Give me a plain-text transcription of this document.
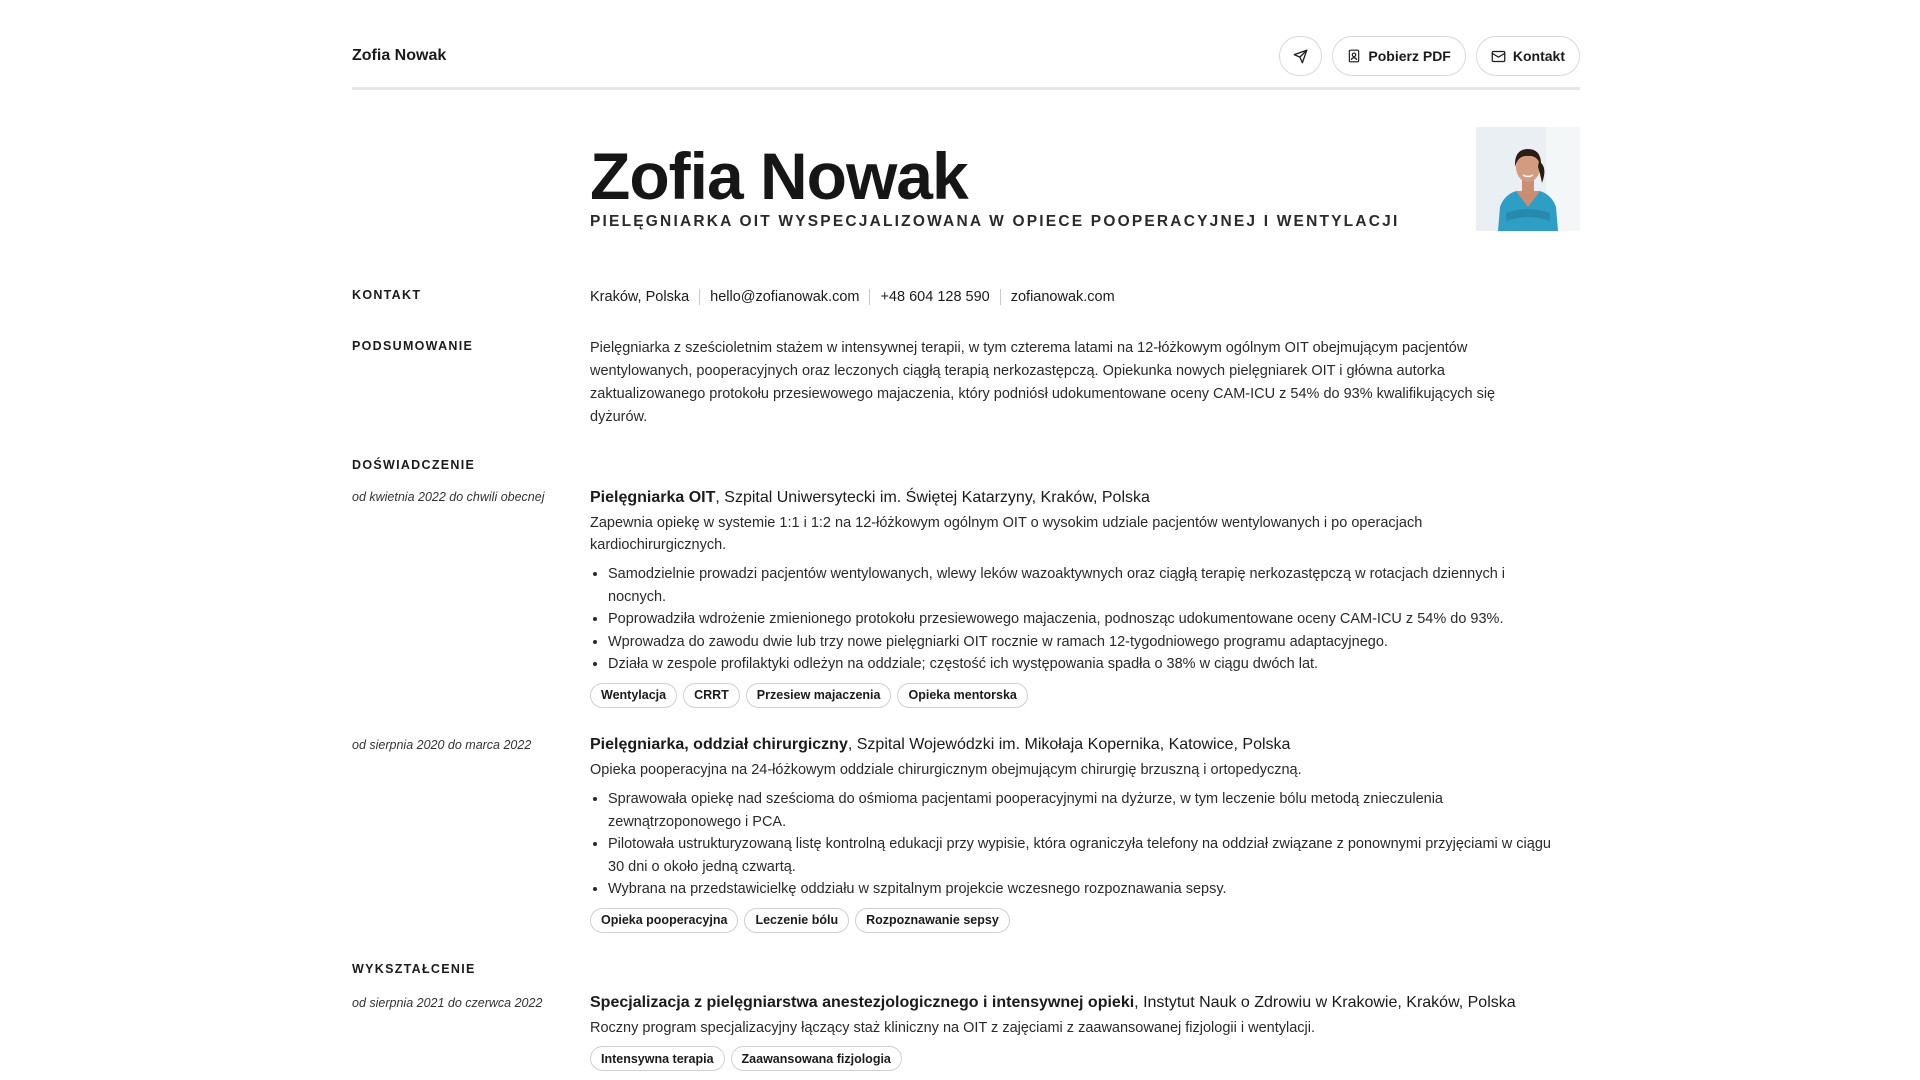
Zofia Nowak	Pobierz PDF	Kontakt
Zofia Nowak
PIELĘGNIARKA OIT WYSPECJALIZOWANA W OPIECE POOPERACYJNEJ I WENTYLACJI
KONTAKT	Kraków, Polska hello@zofianowak.com +48 604 128 590 zofianowak.com
PODSUMOWANIE	Pielęgniarka z sześcioletnim stażem w intensywnej terapii, w tym czterema latami na 12-łóżkowym ogólnym OIT obejmującym pacjentów wentylowanych, pooperacyjnych oraz leczonych ciągłą terapią nerkozastępczą. Opiekunka nowych pielęgniarek OIT i główna autorka zaktualizowanego protokołu przesiewowego majaczenia, który podniósł udokumentowane oceny CAM-ICU z 54% do 93% kwalifikujących się dyżurów.

DOŚWIADCZENIE
od kwietnia 2022 do chwili obecnej	Pielęgniarka OIT, Szpital Uniwersytecki im. Świętej Katarzyny, Kraków, Polska

Zapewnia opiekę w systemie 1:1 i 1:2 na 12-łóżkowym ogólnym OIT o wysokim udziale pacjentów wentylowanych i po operacjach kardiochirurgicznych.

• Samodzielnie prowadzi pacjentów wentylowanych, wlewy leków wazoaktywnych oraz ciągłą terapię nerkozastępczą w rotacjach dziennych i nocnych.
• Poprowadziła wdrożenie zmienionego protokołu przesiewowego majaczenia, podnosząc udokumentowane oceny CAM-ICU z 54% do 93%.
• Wprowadza do zawodu dwie lub trzy nowe pielęgniarki OIT rocznie w ramach 12-tygodniowego programu adaptacyjnego.
• Działa w zespole profilaktyki odleżyn na oddziale; częstość ich występowania spadła o 38% w ciągu dwóch lat.
Wentylacja	CRRT	Przesiew majaczenia	Opieka mentorska
od sierpnia 2020 do marca 2022	Pielęgniarka, oddział chirurgiczny, Szpital Wojewódzki im. Mikołaja Kopernika, Katowice, Polska

Opieka pooperacyjna na 24-łóżkowym oddziale chirurgicznym obejmującym chirurgię brzuszną i ortopedyczną.

• Sprawowała opiekę nad sześcioma do ośmioma pacjentami pooperacyjnymi na dyżurze, w tym leczenie bólu metodą znieczulenia zewnątrzoponowego i PCA.
• Pilotowała ustrukturyzowaną listę kontrolną edukacji przy wypisie, która ograniczyła telefony na oddział związane z ponownymi przyjęciami w ciągu 30 dni o około jedną czwartą.
• Wybrana na przedstawicielkę oddziału w szpitalnym projekcie wczesnego rozpoznawania sepsy.
Opieka pooperacyjna	Leczenie bólu	Rozpoznawanie sepsy
WYKSZTAŁCENIE
od sierpnia 2021 do czerwca 2022	Specjalizacja z pielęgniarstwa anestezjologicznego i intensywnej opieki, Instytut Nauk o Zdrowiu w Krakowie, Kraków, Polska

Roczny program specjalizacyjny łączący staż kliniczny na OIT z zajęciami z zaawansowanej fizjologii i wentylacji.

Intensywna terapia	Zaawansowana fizjologia
